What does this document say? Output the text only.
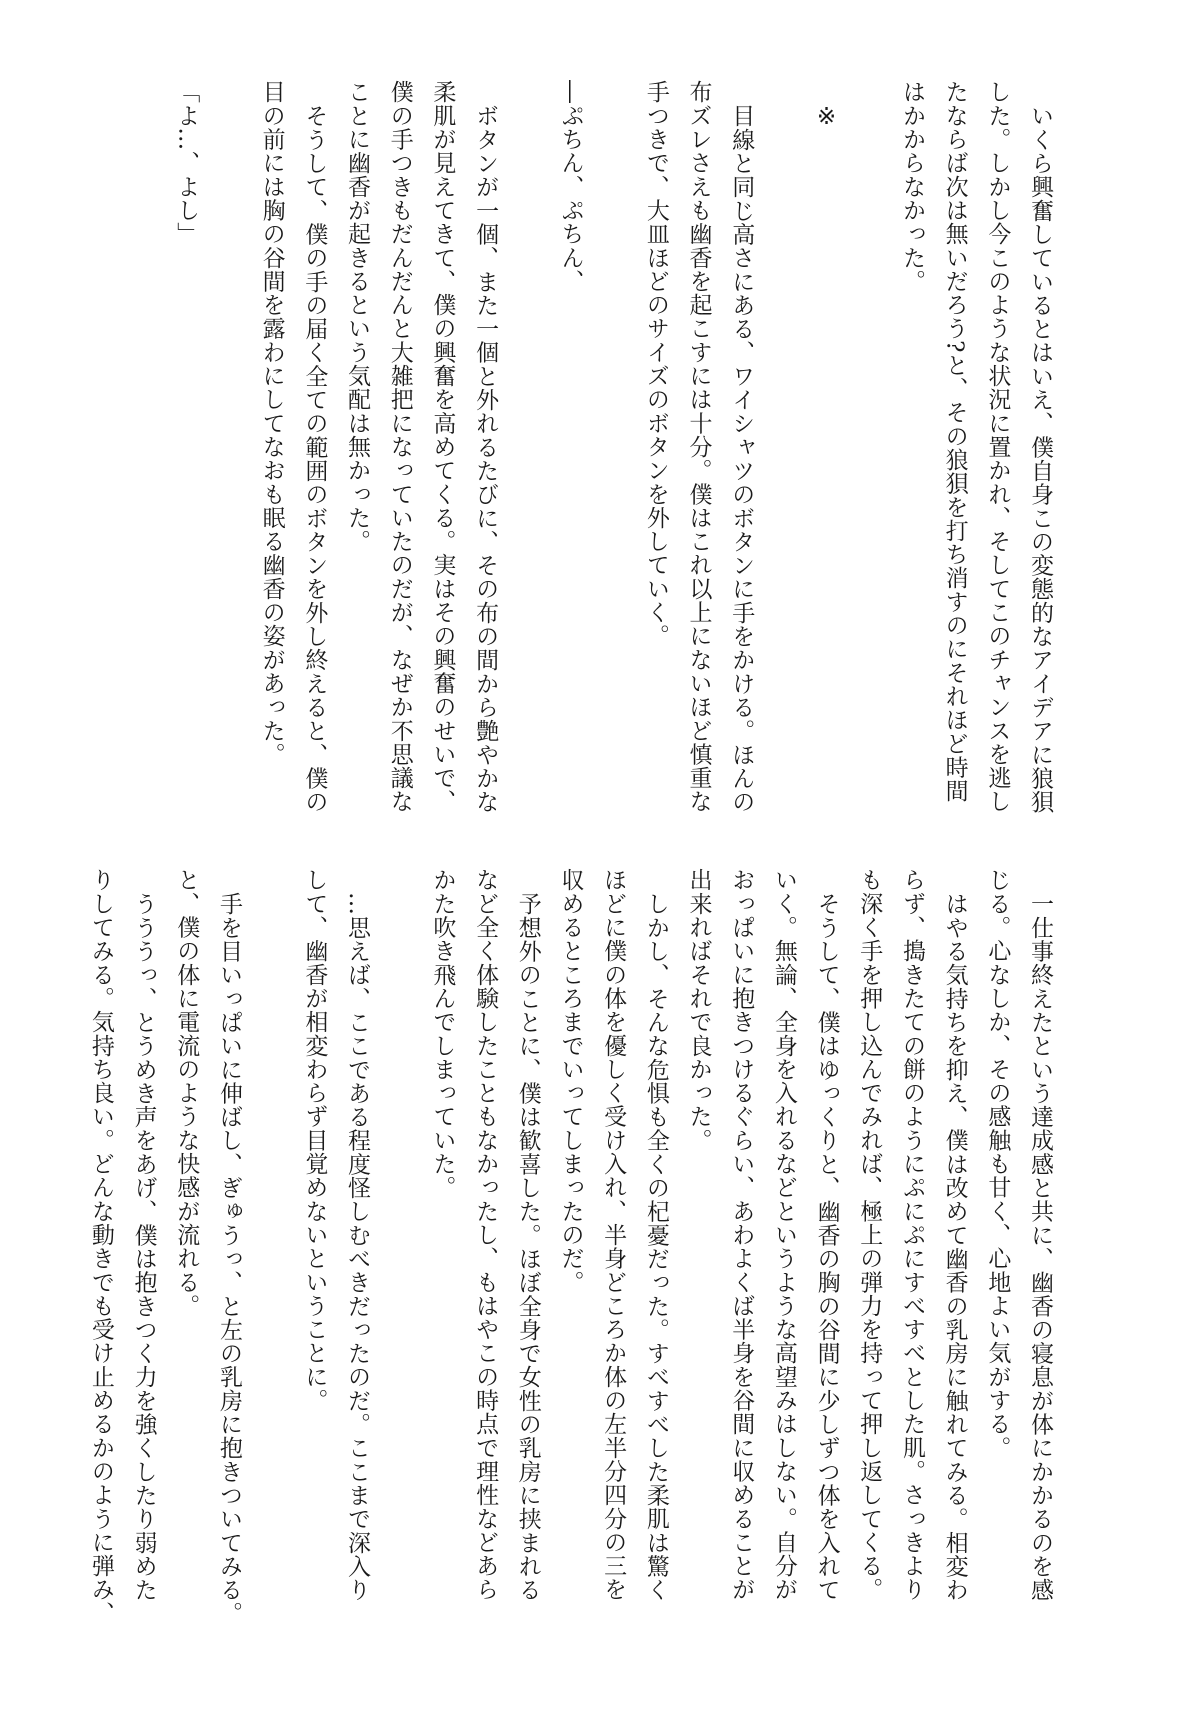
いくら興奮しているとはいえ、僕自身この変態的なアイデアに狼狽
した。しかし今このような状況に置かれ、そしてこのチャンスを逃し
たならば次は無いだろう?と、その狼狽を打ち消すのにそれほど時間
はかからなかった。

※

目線と同じ高さにある、ワイシャツのボタンに手をかける。ほんの
布ズレさえも幽香を起こすには十分。僕はこれ以上にないほど慎重な
手つきで、大皿ほどのサイズのボタンを外していく。

―ぷちん、ぷちん、

ボタンが一個、また一個と外れるたびに、その布の間から艶やかな
柔肌が見えてきて、僕の興奮を高めてくる。実はその興奮のせいで、
僕の手つきもだんだんと大雑把になっていたのだが、なぜか不思議な
ことに幽香が起きるという気配は無かった。
そうして、僕の手の届く全ての範囲のボタンを外し終えると、僕の
目の前には胸の谷間を露わにしてなおも眠る幽香の姿があった。

「よ…、よし」
一仕事終えたという達成感と共に、幽香の寝息が体にかかるのを感
じる。心なしか、その感触も甘く、心地よい気がする。
はやる気持ちを抑え、僕は改めて幽香の乳房に触れてみる。相変わ
らず、搗きたての餅のようにぷにぷにすべすべとした肌。さっきより
も深く手を押し込んでみれば、極上の弾力を持って押し返してくる。
そうして、僕はゆっくりと、幽香の胸の谷間に少しずつ体を入れて
いく。無論、全身を入れるなどというような高望みはしない。自分が
おっぱいに抱きつけるぐらい、あわよくば半身を谷間に収めることが
出来ればそれで良かった。
しかし、そんな危惧も全くの杞憂だった。すべすべした柔肌は驚く
ほどに僕の体を優しく受け入れ、半身どころか体の左半分四分の三を
収めるところまでいってしまったのだ。
予想外のことに、僕は歓喜した。ほぼ全身で女性の乳房に挟まれる
など全く体験したこともなかったし、もはやこの時点で理性などあら
かた吹き飛んでしまっていた。

…思えば、ここである程度怪しむべきだったのだ。ここまで深入り
して、幽香が相変わらず目覚めないということに。

手を目いっぱいに伸ばし、ぎゅうっ、と左の乳房に抱きついてみる。
と、僕の体に電流のような快感が流れる。
うううっ、とうめき声をあげ、僕は抱きつく力を強くしたり弱めた
りしてみる。気持ち良い。どんな動きでも受け止めるかのように弾み、
